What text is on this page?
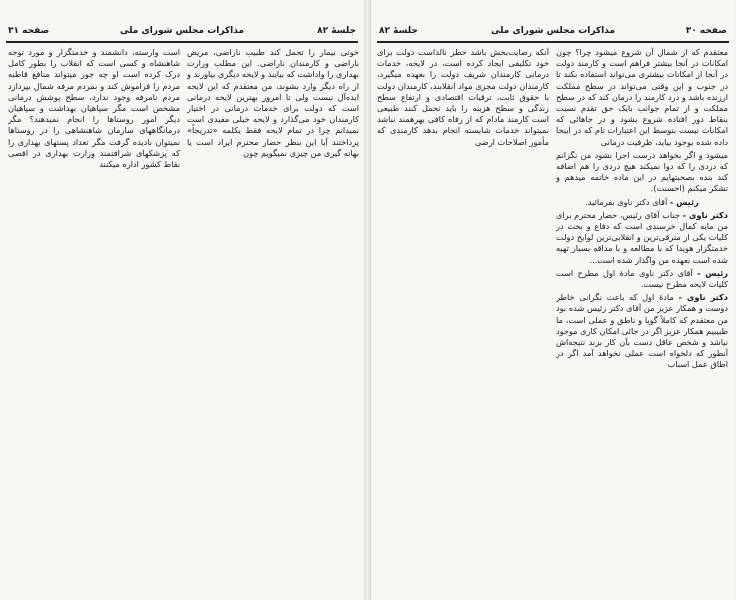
جلسهٔ ۸۲
مذاکرات مجلس شورای ملی
صفحه ۳۱

خونی بیمار را تحمل کند طبیب ناراضی، مریض ناراضی و کارمندان ناراضی. این مطلب وزارت بهداری را واداشت که بیایند و لایحه دیگری بیاورند و از راه دیگر وارد بشوند، من معتقدم که این لایحه ایده‌آل نیست ولی تا امروز بهترین لایحه درمانی است که دولت برای خدمات درمانی در اختیار کارمندان خود می‌گذارد و لایحه خیلی مفیدی است نمیدانم چرا در تمام لایحه فقط یکلمه «تدریجاً» پرداختند آیا این بنظر حضار محترم ایراد است یا بهانه گیری من چیزی نمیگویم چون

است وارسته، دانشمند و خدمتگزار و مورد توجه شاهنشاه و کسی است که انقلاب را بطور کامل درک کرده است او چه جور میتواند منافع قاطبه مردم را فراموش کند و بمردم مرفه شمال بپردازد مردم نامرفه وجود ندارد، سطح پوشش درمانی مشخص است مگر سپاهیان بهداشت و سپاهیان دیگر امور روستاها را انجام نمیدهند؟ مگر درمانگاههای سازمان شاهنشاهی را در روستاها نمیتوان نادیده گرفت مگر تعداد پستهای بهداری را که پزشکهای شرافتمند وزارت بهداری در اقصی نقاط کشور اداره میکنند

صفحه ۳۰
مذاکرات مجلس شورای ملی
جلسهٔ ۸۲

آنکه رضایت‌بخش باشد خطر نالذاست دولت برای خود تکلیفی ایجاد کرده است، در لایحه، خدمات درمانی کارمندان شریف دولت را بعهده میگیرد، کارمندان دولت مجری مواد انقلابند، کارمندان دولت با حقوق ثابت، ترقیات اقتصادی و ارتفاع سطح زندگی و سطح هزینه را باید تحمل کنند طبیعی است کارمند مادام که از رفاه کافی بهرهمند نباشد نمیتواند خدمات شایسته انجام بدهد کارمندی که مأمور اصلاحات ارضی

معتقدم که از شمال آن شروع میشود چرا؟ چون امکانات در آنجا بیشتر فراهم است و کارمند دولت در آنجا از امکانات بیشتری می‌تواند استفاده بکند تا در جنوب و این وقتی می‌تواند در سطح مملکت ارزنده باشد و درد کارمند را درمان کند که در سطح مملکت و از تمام جوانب بایک حق تقدم نسبت بنقاط دور افتاده شروع بشود و در جاهائی که امکانات نیست بتوسط این اعتبارات تام که در اینجا داده شده بوجود بیاید، ظرفیت درمانی

میشود و اگر بخواهد درست اجرا نشود من نگرانم که دزدی را که دوا نمیکند هیچ دردی را هم اضافه کند بنده بصحبتهایم در این ماده خاتمه میدهم و تشکر میکنم (احسنت).

رئیس - آقای دکتر ناوی بفرمائید.

دکتر ناوی - جناب آقای رئیس، حضار محترم برای من مایه کمال خرسندی است که دفاع و بحث در کلیات یکی از مترقی‌ترین و انقلابی‌ترین لوایح دولت خدمتگزار هویدا که با مطالعه و با مداقه بسیار تهیه شده است بعهده من واگذار شده است...

رئیس - آقای دکتر ناوی مادهٔ اول مطرح است کلیات لایحه مطرح نیست.

دکتر ناوی - مادهٔ اول که باعث نگرانی خاطر دوست و همکار عزیز من آقای دکتر رئیس شده بود من معتقدم که کاملاً گویا و ناطق و عملی است، ما طبیبیم همکار عزیز اگر در جائی امکان کاری موجود نباشد و شخص عاقل دست بآن کار بزند نتیجه‌اش آنطور که دلخواه است عملی نخواهد آمد اگر در اطاق عمل اسباب
